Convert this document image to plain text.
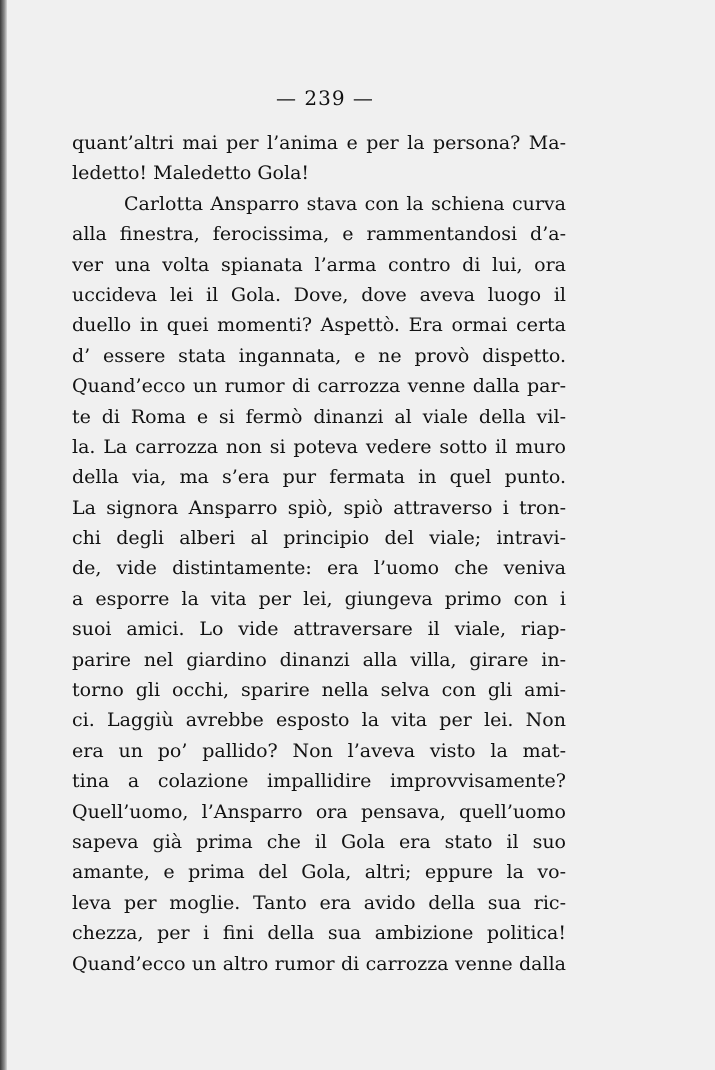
— 239 —
quant’altri mai per l’anima e per la persona? Ma-
ledetto! Maledetto Gola!
Carlotta Ansparro stava con la schiena curva
alla finestra, ferocissima, e rammentandosi d’a-
ver una volta spianata l’arma contro di lui, ora
uccideva lei il Gola. Dove, dove aveva luogo il
duello in quei momenti? Aspettò. Era ormai certa
d’ essere stata ingannata, e ne provò dispetto.
Quand’ecco un rumor di carrozza venne dalla par-
te di Roma e si fermò dinanzi al viale della vil-
la. La carrozza non si poteva vedere sotto il muro
della via, ma s’era pur fermata in quel punto.
La signora Ansparro spiò, spiò attraverso i tron-
chi degli alberi al principio del viale; intravi-
de, vide distintamente: era l’uomo che veniva
a esporre la vita per lei, giungeva primo con i
suoi amici. Lo vide attraversare il viale, riap-
parire nel giardino dinanzi alla villa, girare in-
torno gli occhi, sparire nella selva con gli ami-
ci. Laggiù avrebbe esposto la vita per lei. Non
era un po’ pallido? Non l’aveva visto la mat-
tina a colazione impallidire improvvisamente?
Quell’uomo, l’Ansparro ora pensava, quell’uomo
sapeva già prima che il Gola era stato il suo
amante, e prima del Gola, altri; eppure la vo-
leva per moglie. Tanto era avido della sua ric-
chezza, per i fini della sua ambizione politica!
Quand’ecco un altro rumor di carrozza venne dalla
